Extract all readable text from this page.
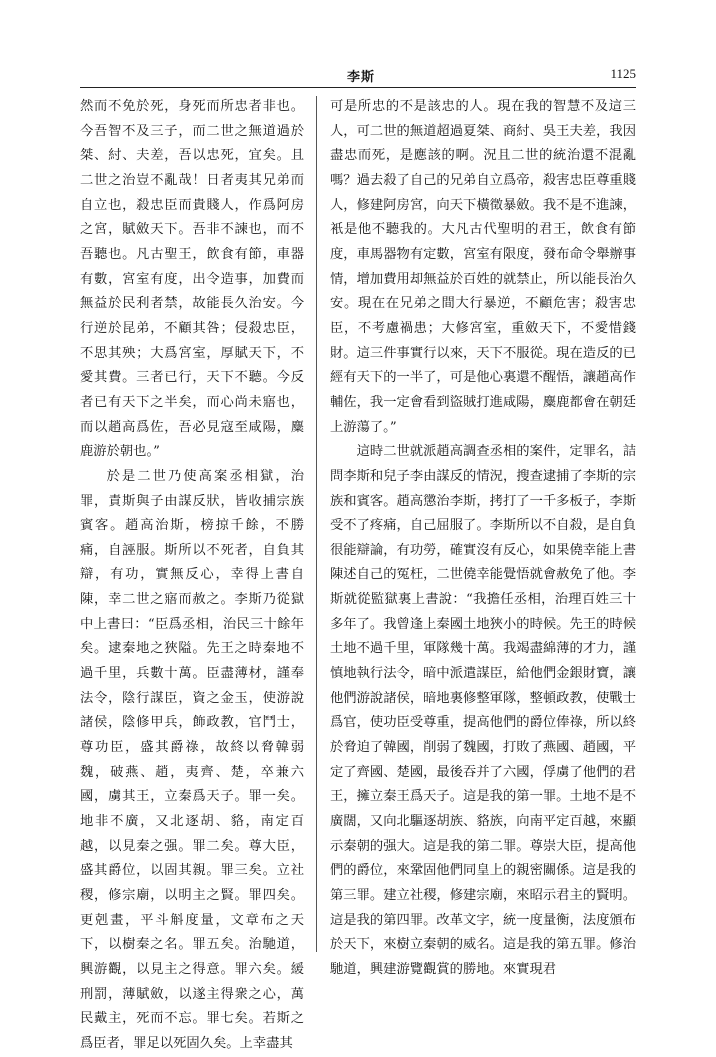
李斯	1125

然而不免於死，身死而所忠者非也。今吾智不及三子，而二世之無道過於桀、紂、夫差，吾以忠死，宜矣。且二世之治豈不亂哉！日者夷其兄弟而自立也，殺忠臣而貴賤人，作爲阿房之宮，賦斂天下。吾非不諫也，而不吾聽也。凡古聖王，飲食有節，車器有數，宮室有度，出令造事，加費而無益於民利者禁，故能長久治安。今行逆於昆弟，不顧其咎；侵殺忠臣，不思其殃；大爲宮室，厚賦天下，不愛其費。三者已行，天下不聽。今反者已有天下之半矣，而心尚未寤也，而以趙高爲佐，吾必見寇至咸陽，麋鹿游於朝也。”

於是二世乃使高案丞相獄，治罪，責斯與子由謀反狀，皆收捕宗族賓客。趙高治斯，榜掠千餘，不勝痛，自誣服。斯所以不死者，自負其辯，有功，實無反心，幸得上書自陳，幸二世之寤而赦之。李斯乃從獄中上書曰：“臣爲丞相，治民三十餘年矣。逮秦地之狹隘。先王之時秦地不過千里，兵數十萬。臣盡薄材，謹奉法令，陰行謀臣，資之金玉，使游說諸侯，陰修甲兵，飾政教，官鬥士，尊功臣，盛其爵祿，故終以脅韓弱魏，破燕、趙，夷齊、楚，卒兼六國，虜其王，立秦爲天子。罪一矣。地非不廣，又北逐胡、貉，南定百越，以見秦之强。罪二矣。尊大臣，盛其爵位，以固其親。罪三矣。立社稷，修宗廟，以明主之賢。罪四矣。更剋畫，平斗斛度量，文章布之天下，以樹秦之名。罪五矣。治馳道，興游觀，以見主之得意。罪六矣。緩刑罰，薄賦斂，以遂主得衆之心，萬民戴主，死而不忘。罪七矣。若斯之爲臣者，罪足以死固久矣。上幸盡其

可是所忠的不是該忠的人。現在我的智慧不及這三人，可二世的無道超過夏桀、商紂、吳王夫差，我因盡忠而死，是應該的啊。況且二世的統治還不混亂嗎？過去殺了自己的兄弟自立爲帝，殺害忠臣尊重賤人，修建阿房宮，向天下橫徵暴斂。我不是不進諫，衹是他不聽我的。大凡古代聖明的君王，飲食有節度，車馬器物有定數，宮室有限度，發布命令舉辦事情，增加費用却無益於百姓的就禁止，所以能長治久安。現在在兄弟之間大行暴逆，不顧危害；殺害忠臣，不考慮禍患；大修宮室，重斂天下，不愛惜錢財。這三件事實行以來，天下不服從。現在造反的已經有天下的一半了，可是他心裏還不醒悟，讓趙高作輔佐，我一定會看到盜賊打進咸陽，麋鹿都會在朝廷上游蕩了。”

這時二世就派趙高調查丞相的案件，定罪名，詰問李斯和兒子李由謀反的情況，搜查逮捕了李斯的宗族和賓客。趙高懲治李斯，拷打了一千多板子，李斯受不了疼痛，自己屈服了。李斯所以不自殺，是自負很能辯論，有功勞，確實沒有反心，如果僥幸能上書陳述自己的冤枉，二世僥幸能覺悟就會赦免了他。李斯就從監獄裏上書說：“我擔任丞相，治理百姓三十多年了。我曾逢上秦國土地狹小的時候。先王的時候土地不過千里，軍隊幾十萬。我竭盡綿薄的才力，謹慎地執行法令，暗中派遣謀臣，給他們金銀財寶，讓他們游說諸侯，暗地裏修整軍隊，整頓政教，使戰士爲官，使功臣受尊重，提高他們的爵位俸祿，所以終於脅迫了韓國，削弱了魏國，打敗了燕國、趙國，平定了齊國、楚國，最後吞并了六國，俘虜了他們的君王，擁立秦王爲天子。這是我的第一罪。土地不是不廣闊，又向北驅逐胡族、貉族，向南平定百越，來顯示秦朝的强大。這是我的第二罪。尊崇大臣，提高他們的爵位，來鞏固他們同皇上的親密關係。這是我的第三罪。建立社稷，修建宗廟，來昭示君主的賢明。這是我的第四罪。改革文字，統一度量衡，法度頒布於天下，來樹立秦朝的威名。這是我的第五罪。修治馳道，興建游覽觀賞的勝地。來實現君
